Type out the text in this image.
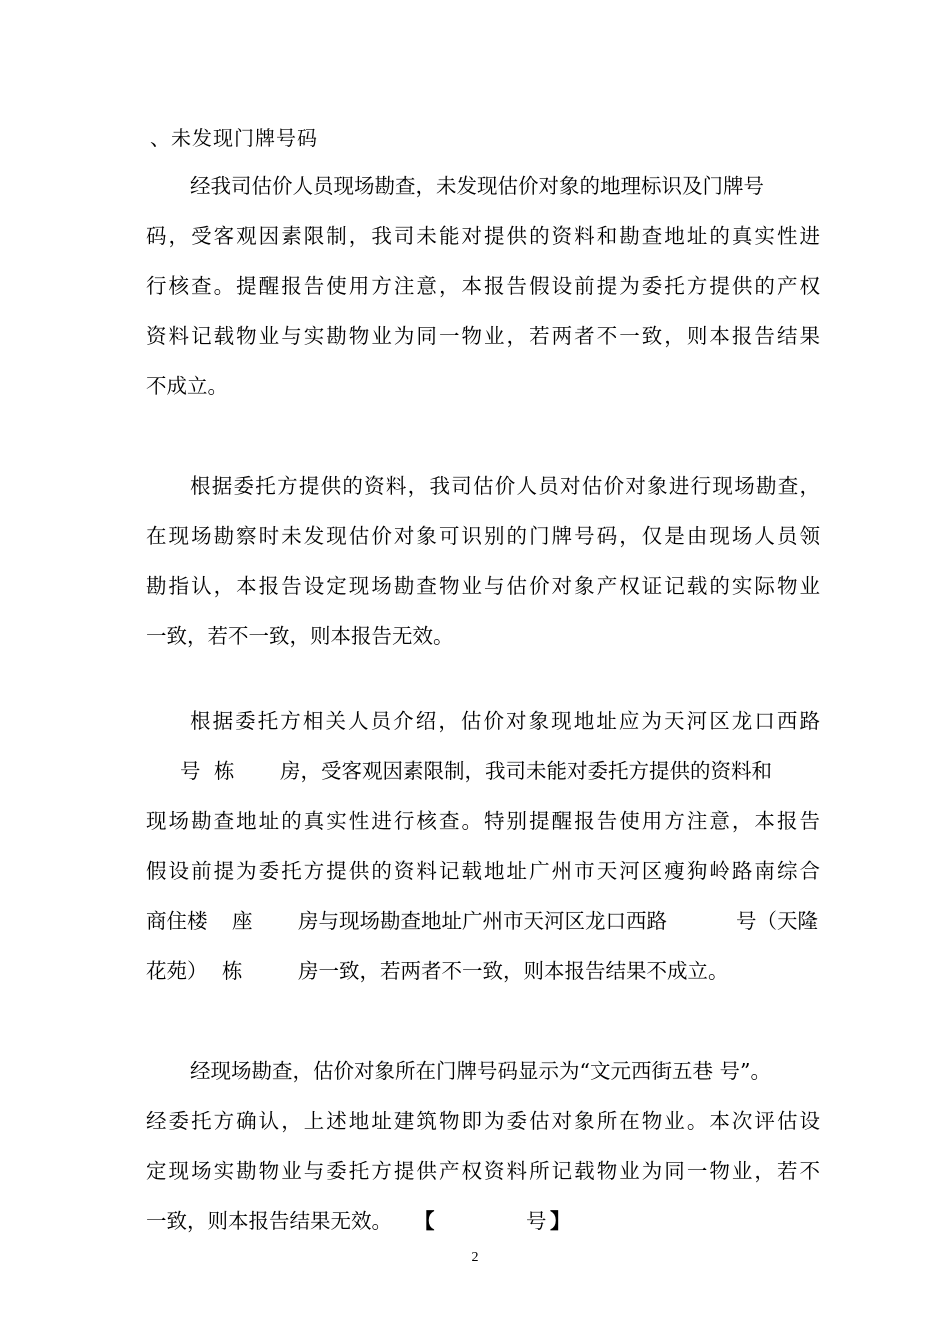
、未发现门牌号码
经我司估价人员现场勘查，未发现估价对象的地理标识及门牌号
码，受客观因素限制，我司未能对提供的资料和勘查地址的真实性进
行核查。提醒报告使用方注意，本报告假设前提为委托方提供的产权
资料记载物业与实勘物业为同一物业，若两者不一致，则本报告结果
不成立。
根据委托方提供的资料，我司估价人员对估价对象进行现场勘查，
在现场勘察时未发现估价对象可识别的门牌号码，仅是由现场人员领
勘指认，本报告设定现场勘查物业与估价对象产权证记载的实际物业
一致，若不一致，则本报告无效。
根据委托方相关人员介绍，估价对象现地址应为天河区龙口西路
号 栋 房，受客观因素限制，我司未能对委托方提供的资料和
现场勘查地址的真实性进行核查。特别提醒报告使用方注意，本报告
假设前提为委托方提供的资料记载地址广州市天河区瘦狗岭路南综合
商住楼 座 房与现场勘查地址广州市天河区龙口西路	号（天隆
花苑） 栋	房一致，若两者不一致，则本报告结果不成立。
经现场勘查，估价对象所在门牌号码显示为“文元西街五巷 号”。
经委托方确认，上述地址建筑物即为委估对象所在物业。本次评估设
定现场实勘物业与委托方提供产权资料所记载物业为同一物业，若不
一致，则本报告结果无效。 【	号 】
2
